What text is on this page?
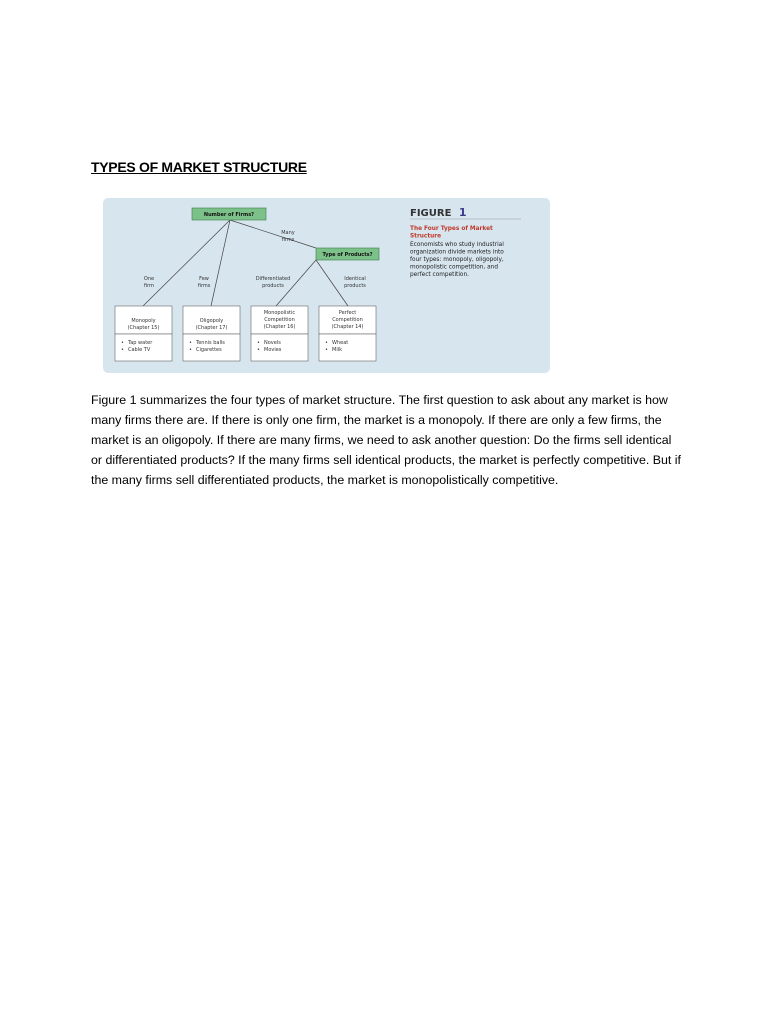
TYPES OF MARKET STRUCTURE
Number of Firms?
Type of Products?
One
firm
Few
firms
Many
firms
Differentiated
products
Identical
products
Monopoly
(Chapter 15)
Oligopoly
(Chapter 17)
Monopolistic
Competition
(Chapter 16)
Perfect
Competition
(Chapter 14)
• Tap water
• Cable TV
• Tennis balls
• Cigarettes
• Novels
• Movies
• Wheat
• Milk
FIGURE 1
The Four Types of Market
Structure
Economists who study industrial
organization divide markets into
four types: monopoly, oligopoly,
monopolistic competition, and
perfect competition.

Figure 1 summarizes the four types of market structure. The first question to ask about any market is how many firms there are. If there is only one firm, the market is a monopoly. If there are only a few firms, the market is an oligopoly. If there are many firms, we need to ask another question: Do the firms sell identical or differentiated products? If the many firms sell identical products, the market is perfectly competitive. But if the many firms sell differentiated products, the market is monopolistically competitive.
